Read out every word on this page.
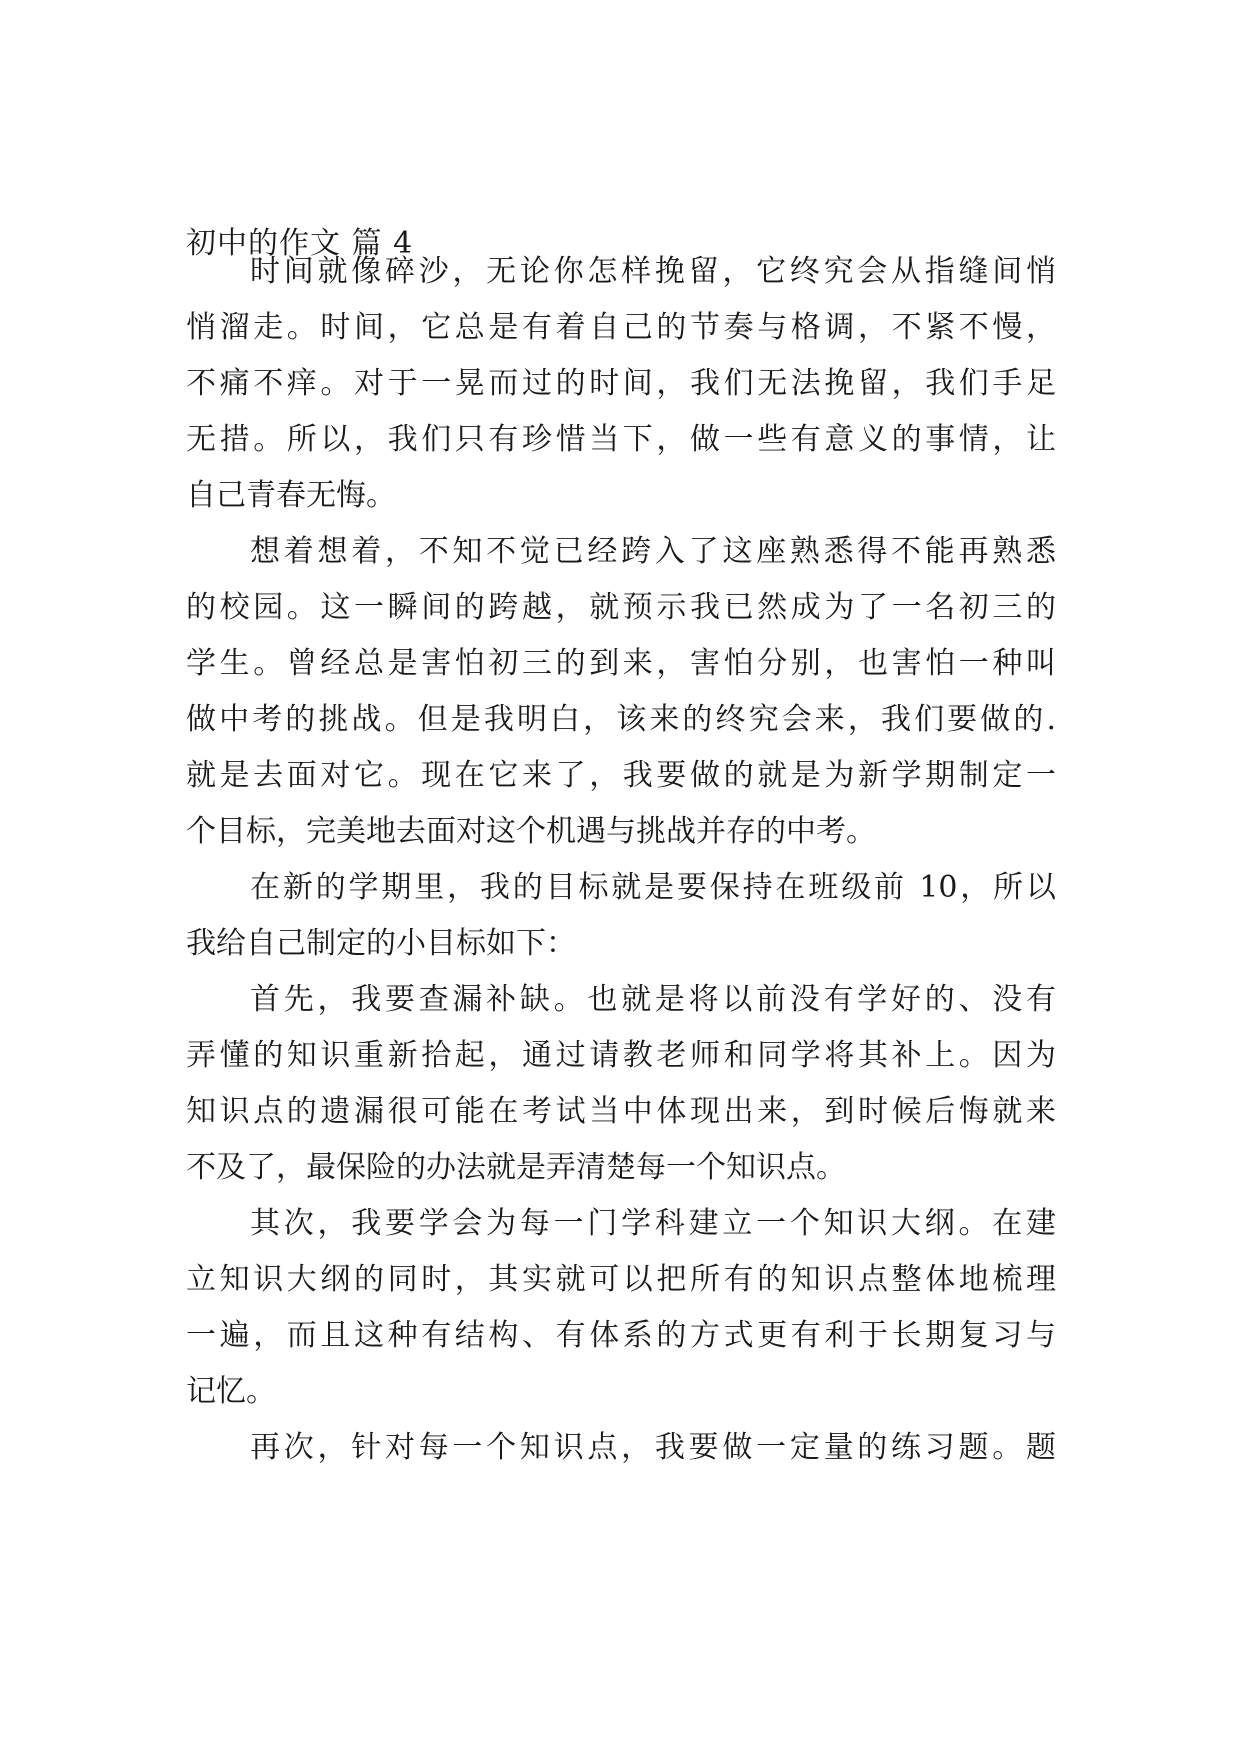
初中的作文 篇 4
时间就像碎沙，无论你怎样挽留，它终究会从指缝间悄
悄溜走。时间，它总是有着自己的节奏与格调，不紧不慢，
不痛不痒。对于一晃而过的时间，我们无法挽留，我们手足
无措。所以，我们只有珍惜当下，做一些有意义的事情，让
自己青春无悔。
想着想着，不知不觉已经跨入了这座熟悉得不能再熟悉
的校园。这一瞬间的跨越，就预示我已然成为了一名初三的
学生。曾经总是害怕初三的到来，害怕分别，也害怕一种叫
做中考的挑战。但是我明白，该来的终究会来，我们要做的.
就是去面对它。现在它来了，我要做的就是为新学期制定一
个目标，完美地去面对这个机遇与挑战并存的中考。
在新的学期里，我的目标就是要保持在班级前 10，所以
我给自己制定的小目标如下：
首先，我要查漏补缺。也就是将以前没有学好的、没有
弄懂的知识重新拾起，通过请教老师和同学将其补上。因为
知识点的遗漏很可能在考试当中体现出来，到时候后悔就来
不及了，最保险的办法就是弄清楚每一个知识点。
其次，我要学会为每一门学科建立一个知识大纲。在建
立知识大纲的同时，其实就可以把所有的知识点整体地梳理
一遍，而且这种有结构、有体系的方式更有利于长期复习与
记忆。
再次，针对每一个知识点，我要做一定量的练习题。题
